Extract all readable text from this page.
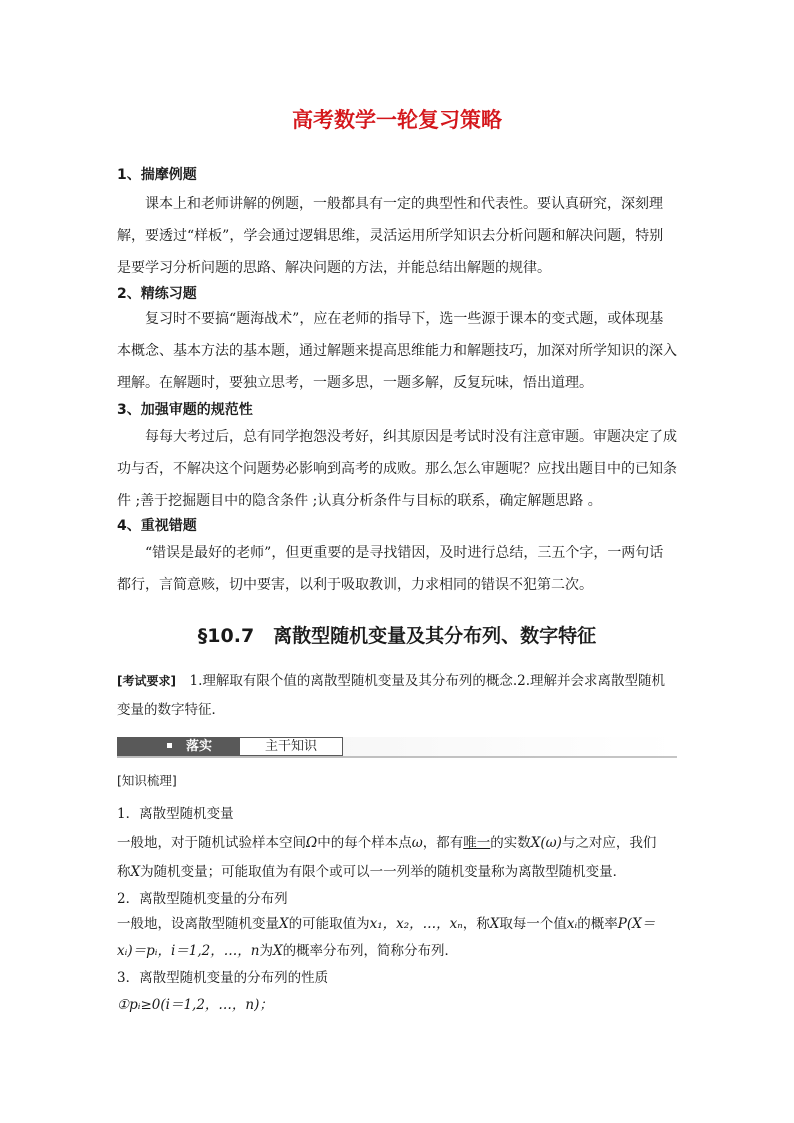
高考数学一轮复习策略
1、揣摩例题

课本上和老师讲解的例题，一般都具有一定的典型性和代表性。要认真研究，深刻理解，要透过“样板”，学会通过逻辑思维，灵活运用所学知识去分析问题和解决问题，特别是要学习分析问题的思路、解决问题的方法，并能总结出解题的规律。

2、精练习题

复习时不要搞“题海战术”，应在老师的指导下，选一些源于课本的变式题，或体现基本概念、基本方法的基本题，通过解题来提高思维能力和解题技巧，加深对所学知识的深入理解。在解题时，要独立思考，一题多思，一题多解，反复玩味，悟出道理。

3、加强审题的规范性

每每大考过后，总有同学抱怨没考好，纠其原因是考试时没有注意审题。审题决定了成功与否，不解决这个问题势必影响到高考的成败。那么怎么审题呢？应找出题目中的已知条件 ;善于挖掘题目中的隐含条件 ;认真分析条件与目标的联系，确定解题思路 。

4、重视错题

“错误是最好的老师”，但更重要的是寻找错因，及时进行总结，三五个字，一两句话都行，言简意赅，切中要害，以利于吸取教训，力求相同的错误不犯第二次。

§10.7　离散型随机变量及其分布列、数字特征

[考试要求]　 1.理解取有限个值的离散型随机变量及其分布列的概念.2.理解并会求离散型随机变量的数字特征．

落实	主干知识
[知识梳理]

1．离散型随机变量

一般地，对于随机试验样本空间Ω中的每个样本点ω，都有唯一的实数X(ω)与之对应，我们

称X为随机变量；可能取值为有限个或可以一一列举的随机变量称为离散型随机变量．

2．离散型随机变量的分布列

一般地，设离散型随机变量X的可能取值为x₁，x₂，…，xₙ，称X取每一个值xᵢ的概率P(X＝

xᵢ)＝pᵢ，i＝1,2，…，n为X的概率分布列，简称分布列．

3．离散型随机变量的分布列的性质

①pᵢ≥0(i＝1,2，…，n)；
